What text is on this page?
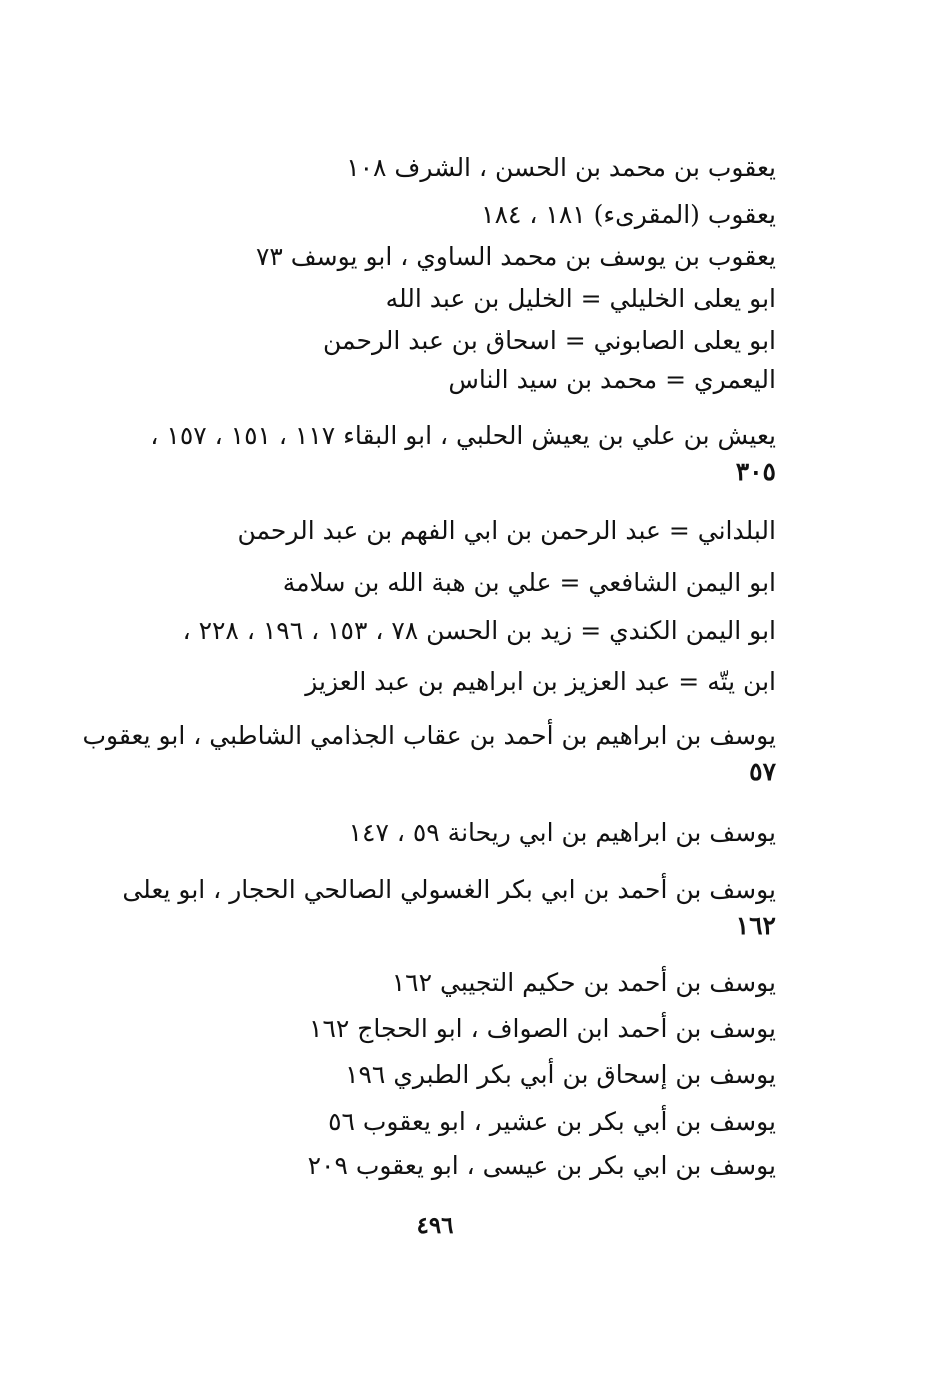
يعقوب بن محمد بن الحسن ، الشرف ١٠٨
يعقوب (المقرىء) ١٨١ ، ١٨٤
يعقوب بن يوسف بن محمد الساوي ، ابو يوسف ٧٣
ابو يعلى الخليلي = الخليل بن عبد الله
ابو يعلى الصابوني = اسحاق بن عبد الرحمن
اليعمري = محمد بن سيد الناس
يعيش بن علي بن يعيش الحلبي ، ابو البقاء ١١٧ ، ١٥١ ، ١٥٧ ،
٣٠٥
البلداني = عبد الرحمن بن ابي الفهم بن عبد الرحمن
ابو اليمن الشافعي = علي بن هبة الله بن سلامة
ابو اليمن الكندي = زيد بن الحسن ٧٨ ، ١٥٣ ، ١٩٦ ، ٢٢٨ ،
ابن يتّه = عبد العزيز بن ابراهيم بن عبد العزيز
يوسف بن ابراهيم بن أحمد بن عقاب الجذامي الشاطبي ، ابو يعقوب
٥٧
يوسف بن ابراهيم بن ابي ريحانة ٥٩ ، ١٤٧
يوسف بن أحمد بن ابي بكر الغسولي الصالحي الحجار ، ابو يعلى
١٦٢
يوسف بن أحمد بن حكيم التجيبي ١٦٢
يوسف بن أحمد ابن الصواف ، ابو الحجاج ١٦٢
يوسف بن إسحاق بن أبي بكر الطبري ١٩٦
يوسف بن أبي بكر بن عشير ، ابو يعقوب ٥٦
يوسف بن ابي بكر بن عيسى ، ابو يعقوب ٢٠٩
٤٩٦
